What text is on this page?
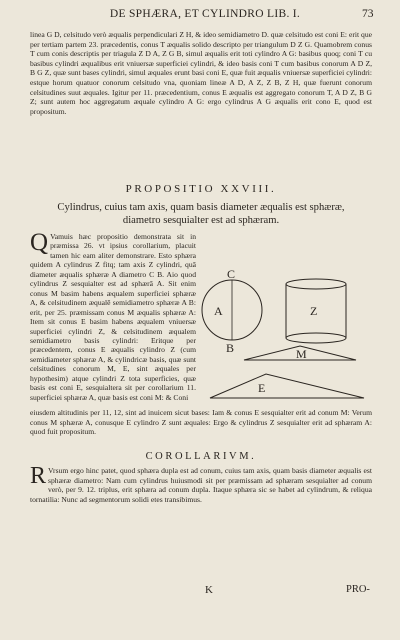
DE SPHÆRA, ET CYLINDRO LIB. I.	73

linea G D, celsitudo verò æqualis perpendiculari Z H, & ideo semidiametro D. quæ celsitudo est coni E: erit que per tertiam partem 23. præcedentis, conus T æqualis solido descripto per triangulum D Z G. Quamobrem conus T cum conis descriptis per triagula Z D A, Z G B, simul æqualis erit toti cylindro A G: basibus quoq; coni T cu basibus cylindri æqualibus erit vniuersæ superficiei cylindri, & ideo basis coni T cum basibus conorum A D Z, B G Z, quæ sunt bases cylindri, simul æquales erunt basi coni E, quæ fuit æqualis vniuersæ superficiei cylindri: estque horum quatuor conorum celsitudo vna, quoniam lineæ A D, A Z, Z B, Z H, quæ fuerunt conorum celsitudines suut æquales. Igitur per 11. præcedentium, conus E æqualis est aggregato conorum T, A D Z, B G Z; sunt autem hoc aggregatum æquale cylindro A G: ergo cylindrus A G æqualis erit cono E, quod est propositum.

PROPOSITIO XXVIII.
Cylindrus, cuius tam axis, quam basis diameter æqualis est sphæræ,
diametro sesquialter est ad sphæram.
Q Vamuis hæc propositio demonstrata sit in præmissa 26. vt ipsius corollarium, placuit tamen hic eam aliter demonstrare. Esto sphæra quidem A cylindrus Z fitq; tam axis Z cylindri, quā diameter æqualis sphæræ A diametro C B. Aio quod cylindrus Z sesquialter est ad sphærā A. Sit enim conus M basim habens æqualem superficiei sphæræ A, & celsitudinem æqualē semidiametro sphæræ A B: erit, per 25. præmissam conus M æqualis sphæræ A: Item sit conus E basim habens æqualem vniuersæ superficiei cylindri Z, & celsitudinem æqualem semidiametro basis cylindri: Eritque per præcedentem, conus E æqualis cylindro Z (cum semidiameter sphæræ A, & cylindricæ basis, quæ sunt celsitudines conorum M, E, sint æquales per hypothesim) atque cylindri Z tota superficies, quæ basis est coni E, sesquialtera sit per corollarium 11. superficiei sphæræ A, quæ basis est coni M: & Coni

eiusdem altitudinis per 11, 12, sint ad inuicem sicut bases: Iam & conus E sesquialter erit ad conum M: Verum conus M sphæræ A, conusque E cylindro Z sunt æquales: Ergo & cylindrus Z sesquialter erit ad sphæram A: quod fuit propositum.

COROLLARIVM.
R Vrsum ergo hinc patet, quod sphæra dupla est ad conum, cuius tam axis, quam basis diameter æqualis est sphæræ diametro: Nam cum cylindrus huiusmodi sit per præmissam ad sphæram sesquialter ad conum verò, per 9. 12. triplus, erit sphæra ad conum dupla. Itaque sphæra sic se habet ad cylindrum, & reliqua tornatilia: Nunc ad segmentorum solidi etes transibimus.
K	PRO-
C
A
B
Z
M
E
